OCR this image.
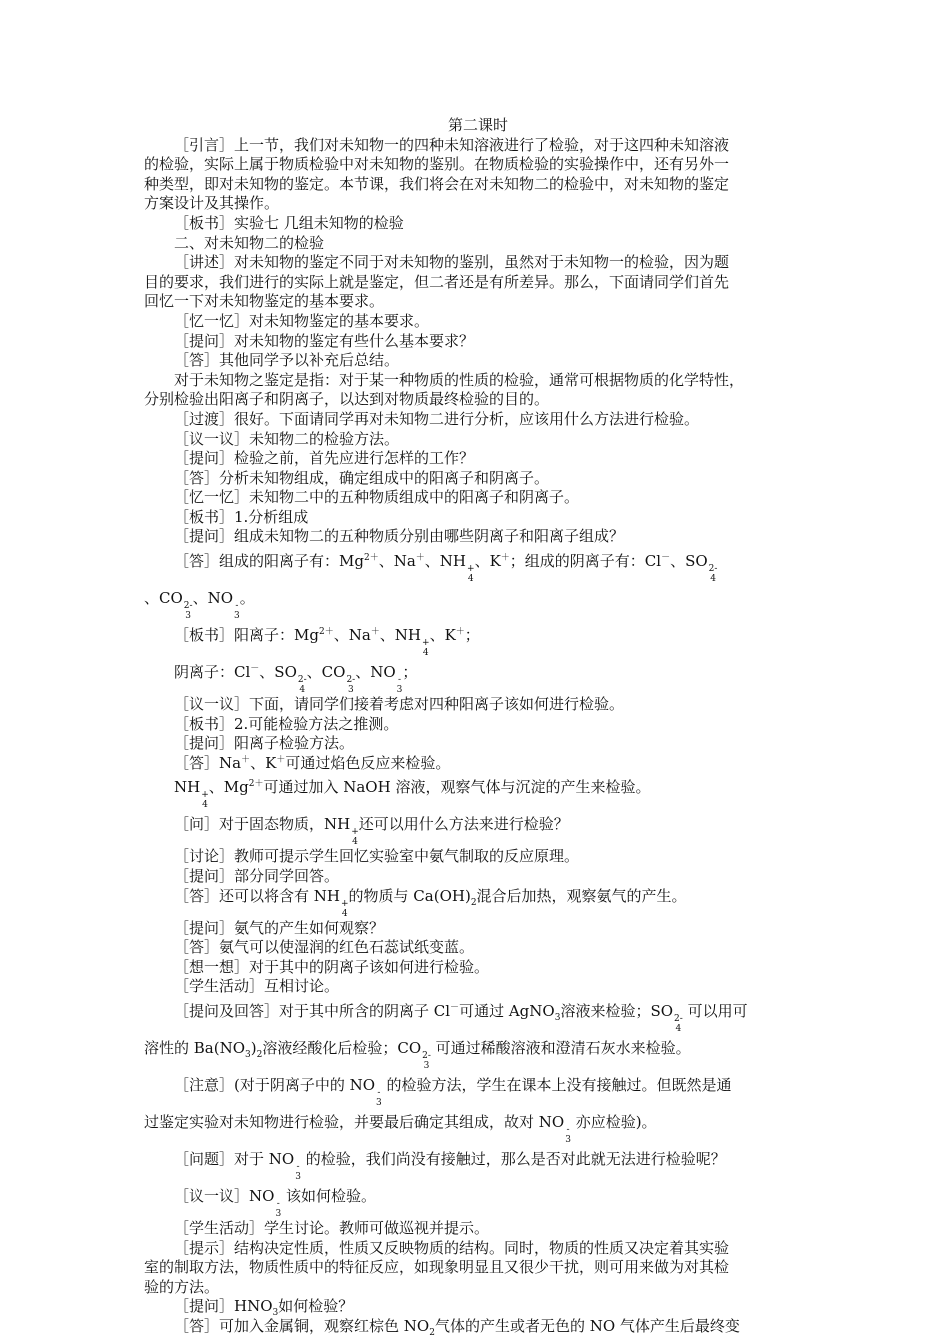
第二课时
［引言］上一节，我们对未知物一的四种未知溶液进行了检验，对于这四种未知溶液
的检验，实际上属于物质检验中对未知物的鉴别。在物质检验的实验操作中，还有另外一
种类型，即对未知物的鉴定。本节课，我们将会在对未知物二的检验中，对未知物的鉴定
方案设计及其操作。
［板书］实验七 几组未知物的检验
二、对未知物二的检验
［讲述］对未知物的鉴定不同于对未知物的鉴别，虽然对于未知物一的检验，因为题
目的要求，我们进行的实际上就是鉴定，但二者还是有所差异。那么，下面请同学们首先
回忆一下对未知物鉴定的基本要求。
［忆一忆］对未知物鉴定的基本要求。
［提问］对未知物的鉴定有些什么基本要求？
［答］其他同学予以补充后总结。
对于未知物之鉴定是指：对于某一种物质的性质的检验，通常可根据物质的化学特性，
分别检验出阳离子和阴离子，以达到对物质最终检验的目的。
［过渡］很好。下面请同学再对未知物二进行分析，应该用什么方法进行检验。
［议一议］未知物二的检验方法。
［提问］检验之前，首先应进行怎样的工作？
［答］分析未知物组成，确定组成中的阳离子和阴离子。
［忆一忆］未知物二中的五种物质组成中的阳离子和阴离子。
［板书］1.分析组成
［提问］组成未知物二的五种物质分别由哪些阴离子和阳离子组成？
［答］组成的阳离子有：$Mg^{2+}$、Na＋、NH +
4
、K＋；组成的阴离子有：Cl－、SO 2-
4
、CO 2-
3
、NO -
3
。
［板书］阳离子：$Mg^{2+}$、Na＋、NH +
4
、K＋；
阴离子：Cl－、SO 2-
4
、CO 2-
3
、NO -
3
；
［议一议］下面，请同学们接着考虑对四种阳离子该如何进行检验。
［板书］2.可能检验方法之推测。
［提问］阳离子检验方法。
［答］Na＋、K＋可通过焰色反应来检验。
NH +
4
、$Mg^{2+}$可通过加入 NaOH 溶液，观察气体与沉淀的产生来检验。
［问］对于固态物质，NH +
4
还可以用什么方法来进行检验？
［讨论］教师可提示学生回忆实验室中氨气制取的反应原理。
［提问］部分同学回答。
［答］还可以将含有 NH +
4
的物质与 $Ca(OH)_2$混合后加热，观察氨气的产生。
［提问］氨气的产生如何观察？
［答］氨气可以使湿润的红色石蕊试纸变蓝。
［想一想］对于其中的阴离子该如何进行检验。
［学生活动］互相讨论。
［提问及回答］对于其中所含的阴离子 Cl－可通过 AgNO$_3$溶液来检验；SO 2-
4
可以用可
溶性的 $Ba(NO_3)_2$溶液经酸化后检验；CO 2-
3
可通过稀酸溶液和澄清石灰水来检验。
［注意］(对于阴离子中的 NO -
3
的检验方法，学生在课本上没有接触过。但既然是通
过鉴定实验对未知物进行检验，并要最后确定其组成，故对 NO -
3
亦应检验)。
［问题］对于 NO -
3
的检验，我们尚没有接触过，那么是否对此就无法进行检验呢？
［议一议］NO -
3
该如何检验。
［学生活动］学生讨论。教师可做巡视并提示。
［提示］结构决定性质，性质又反映物质的结构。同时，物质的性质又决定着其实验
室的制取方法，物质性质中的特征反应，如现象明显且又很少干扰，则可用来做为对其检
验的方法。
［提问$]HNO_3$如何检验？
［答］可加入金属铜，观察红棕色 $NO_2$气体的产生或者无色的 NO 气体产生后最终变
